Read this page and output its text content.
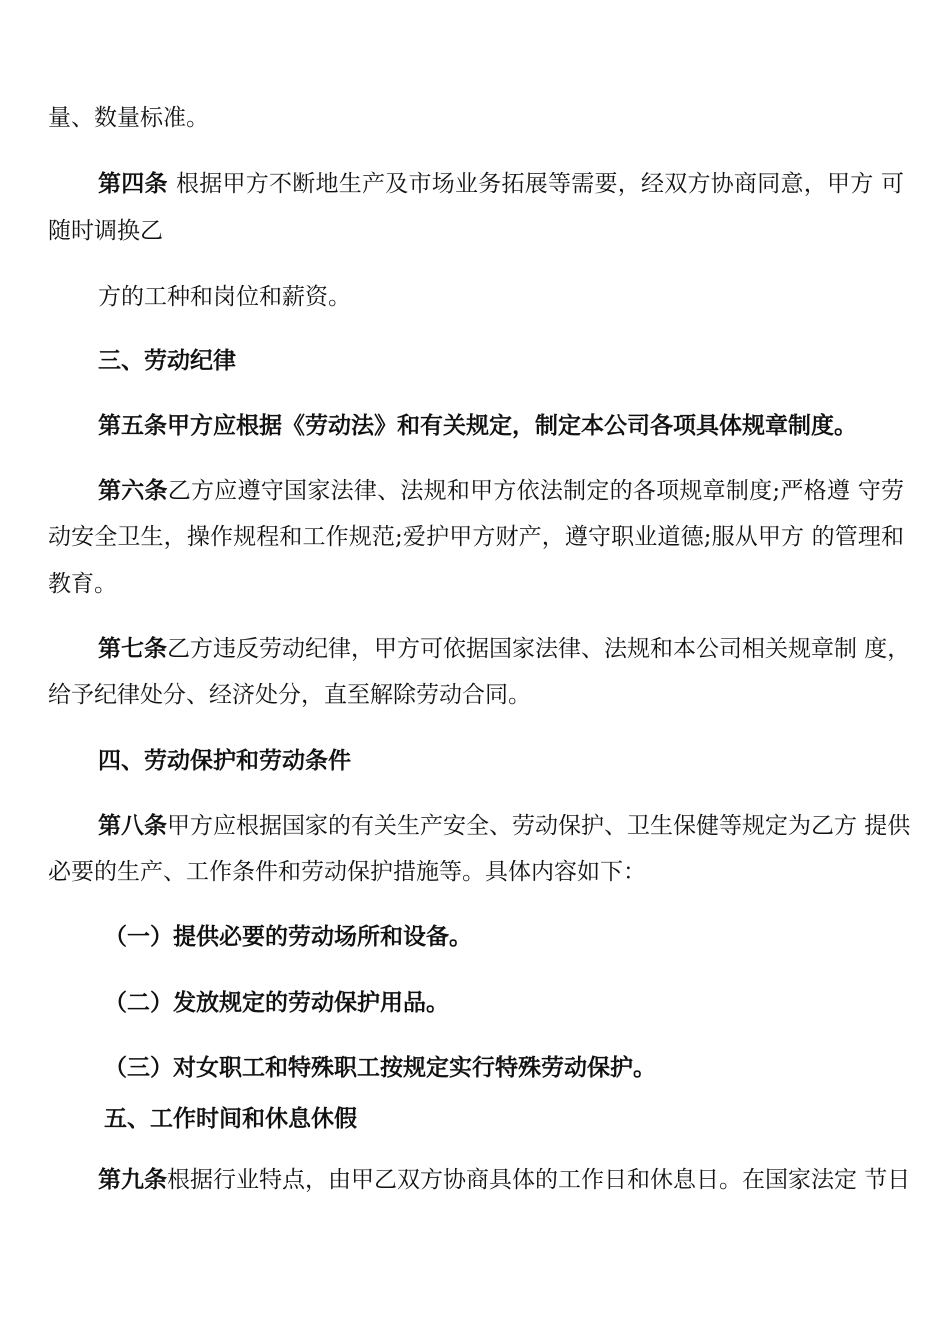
量、数量标准。
第四条 根据甲方不断地生产及市场业务拓展等需要，经双方协商同意，甲方 可
随时调换乙
方的工种和岗位和薪资。
三、劳动纪律
第五条甲方应根据《劳动法》和有关规定，制定本公司各项具体规章制度。
第六条乙方应遵守国家法律、法规和甲方依法制定的各项规章制度;严格遵 守劳
动安全卫生，操作规程和工作规范;爱护甲方财产，遵守职业道德;服从甲方 的管理和
教育。
第七条乙方违反劳动纪律，甲方可依据国家法律、法规和本公司相关规章制 度，
给予纪律处分、经济处分，直至解除劳动合同。
四、劳动保护和劳动条件
第八条甲方应根据国家的有关生产安全、劳动保护、卫生保健等规定为乙方 提供
必要的生产、工作条件和劳动保护措施等。具体内容如下：
（一）提供必要的劳动场所和设备。
（二）发放规定的劳动保护用品。
（三）对女职工和特殊职工按规定实行特殊劳动保护。
五、工作时间和休息休假
第九条根据行业特点，由甲乙双方协商具体的工作日和休息日。在国家法定 节日
